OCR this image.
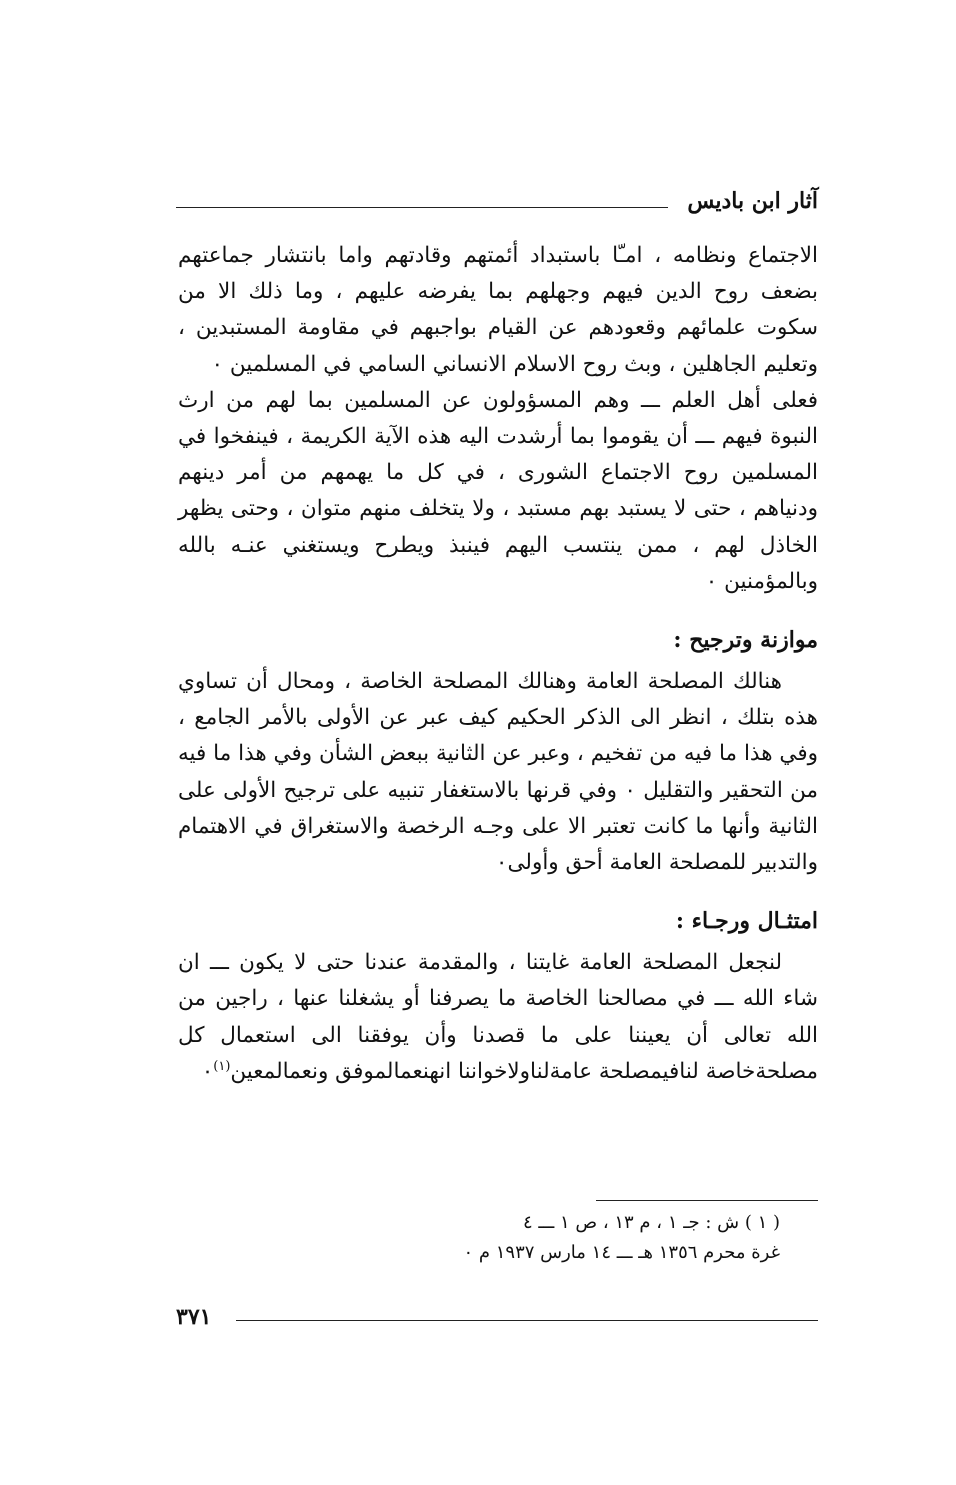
آثار ابن باديس

الاجتماع ونظامه ، امـّا باستبداد أئمتهم وقادتهم واما بانتشار جماعتهم بضعف روح الدين فيهم وجهلهم بما يفرضه عليهم ، وما ذلك الا من سكوت علمائهم وقعودهم عن القيام بواجبهم في مقاومة المستبدين ، وتعليم الجاهلين ، وبث روح الاسلام الانساني السامي في المسلمين ٠

فعلى أهل العلم ـــ وهم المسؤولون عن المسلمين بما لهم من ارث النبوة فيهم ـــ أن يقوموا بما أرشدت اليه هذه الآية الكريمة ، فينفخوا في المسلمين روح الاجتماع الشورى ، في كل ما يهمهم من أمر دينهم ودنياهم ، حتى لا يستبد بهم مستبد ، ولا يتخلف منهم متوان ، وحتى يظهر الخاذل لهم ، ممن ينتسب اليهم فينبذ ويطرح ويستغني عنـه بالله وبالمؤمنين ٠

موازنة وترجيح :

هنالك المصلحة العامة وهنالك المصلحة الخاصة ، ومحال أن تساوي هذه بتلك ، انظر الى الذكر الحكيم كيف عبر عن الأولى بالأمر الجامع ، وفي هذا ما فيه من تفخيم ، وعبر عن الثانية ببعض الشأن وفي هذا ما فيه من التحقير والتقليل ٠ وفي قرنها بالاستغفار تنبيه على ترجيح الأولى على الثانية وأنها ما كانت تعتبر الا على وجـه الرخصة والاستغراق في الاهتمام والتدبير للمصلحة العامة أحق وأولى٠

امتثـال ورجـاء :

لنجعل المصلحة العامة غايتنا ، والمقدمة عندنا حتى لا يكون ـــ ان شاء الله ـــ في مصالحنا الخاصة ما يصرفنا أو يشغلنا عنها ، راجين من الله تعالى أن يعيننا على ما قصدنا وأن يوفقنا الى استعمال كل مصلحةخاصة لنافيمصلحة عامةلناولاخواننا انهنعمالموفق ونعمالمعين$^{(١)}$٠

( ١ ) ش : جـ ١ ، م ١٣ ، ص ١ ـــ ٤
غرة محرم ١٣٥٦ هـ ـــ ١٤ مارس ١٩٣٧ م ٠
٣٧١
